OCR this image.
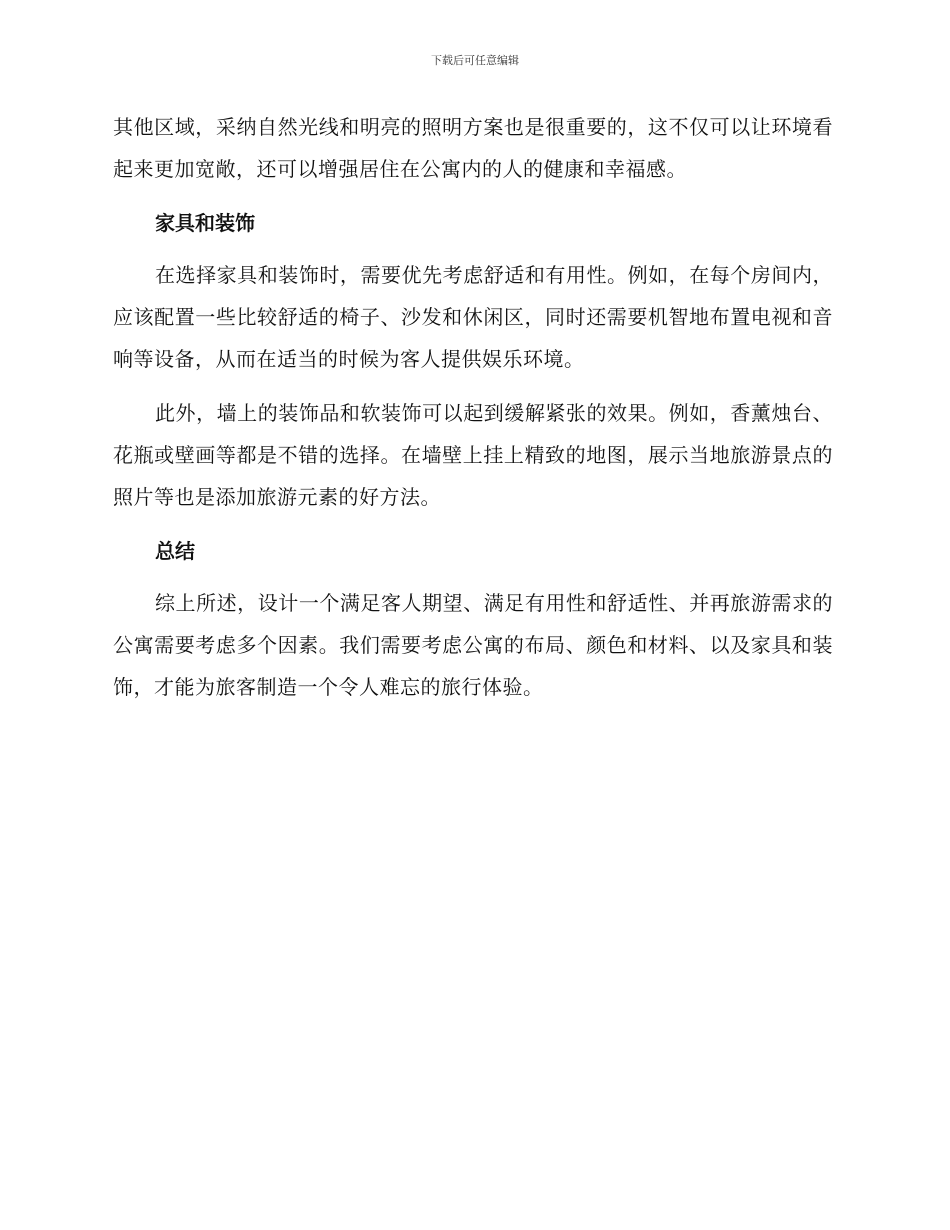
下载后可任意编辑

其他区域，采纳自然光线和明亮的照明方案也是很重要的，这不仅可以让环境看起来更加宽敞，还可以增强居住在公寓内的人的健康和幸福感。

家具和装饰

在选择家具和装饰时，需要优先考虑舒适和有用性。例如，在每个房间内，应该配置一些比较舒适的椅子、沙发和休闲区，同时还需要机智地布置电视和音响等设备，从而在适当的时候为客人提供娱乐环境。

此外，墙上的装饰品和软装饰可以起到缓解紧张的效果。例如，香薰烛台、花瓶或壁画等都是不错的选择。在墙壁上挂上精致的地图，展示当地旅游景点的照片等也是添加旅游元素的好方法。

总结

综上所述，设计一个满足客人期望、满足有用性和舒适性、并再旅游需求的公寓需要考虑多个因素。我们需要考虑公寓的布局、颜色和材料、以及家具和装饰，才能为旅客制造一个令人难忘的旅行体验。
